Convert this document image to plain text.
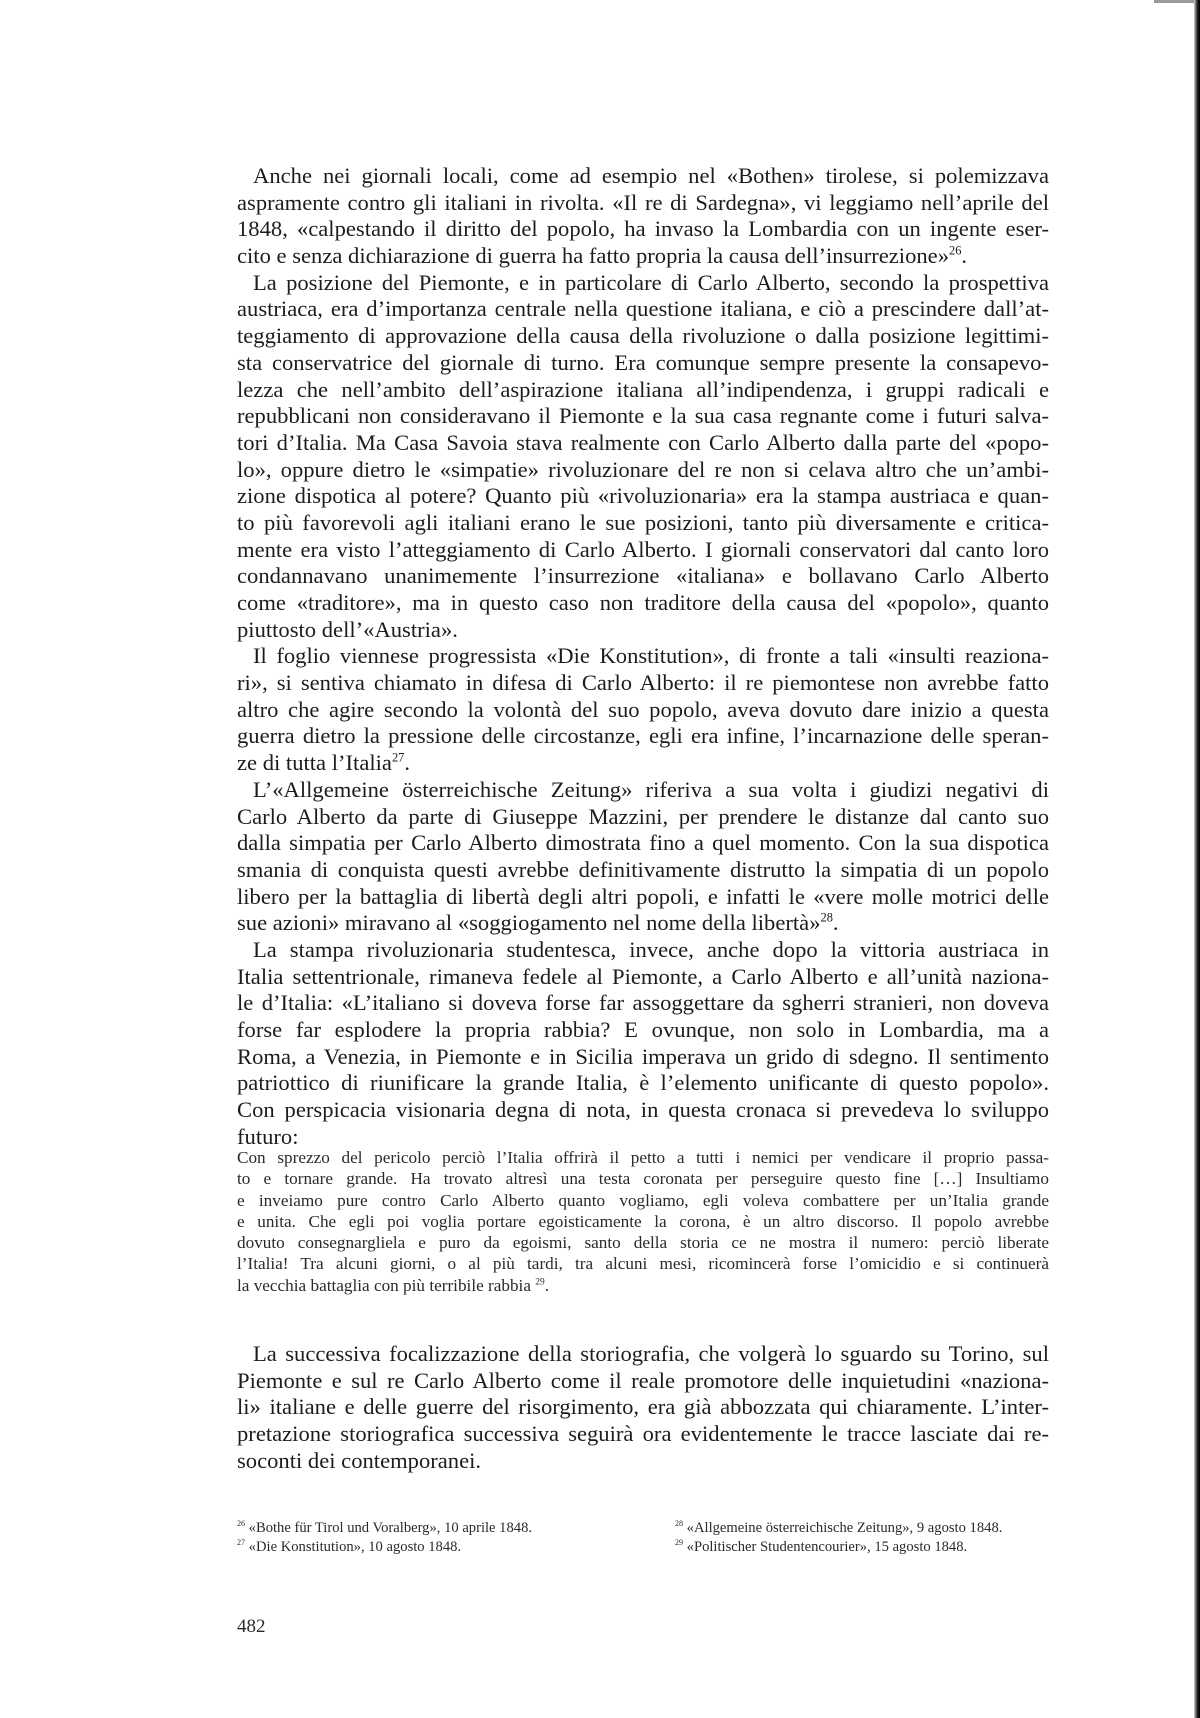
Anche nei giornali locali, come ad esempio nel «Bothen» tirolese, si polemizzava
aspramente contro gli italiani in rivolta. «Il re di Sardegna», vi leggiamo nell’aprile del
1848, «calpestando il diritto del popolo, ha invaso la Lombardia con un ingente eser-
cito e senza dichiarazione di guerra ha fatto propria la causa dell’insurrezione»$^{26}$.
La posizione del Piemonte, e in particolare di Carlo Alberto, secondo la prospettiva
austriaca, era d’importanza centrale nella questione italiana, e ciò a prescindere dall’at-
teggiamento di approvazione della causa della rivoluzione o dalla posizione legittimi-
sta conservatrice del giornale di turno. Era comunque sempre presente la consapevo-
lezza che nell’ambito dell’aspirazione italiana all’indipendenza, i gruppi radicali e
repubblicani non consideravano il Piemonte e la sua casa regnante come i futuri salva-
tori d’Italia. Ma Casa Savoia stava realmente con Carlo Alberto dalla parte del «popo-
lo», oppure dietro le «simpatie» rivoluzionare del re non si celava altro che un’ambi-
zione dispotica al potere? Quanto più «rivoluzionaria» era la stampa austriaca e quan-
to più favorevoli agli italiani erano le sue posizioni, tanto più diversamente e critica-
mente era visto l’atteggiamento di Carlo Alberto. I giornali conservatori dal canto loro
condannavano unanimemente l’insurrezione «italiana» e bollavano Carlo Alberto
come «traditore», ma in questo caso non traditore della causa del «popolo», quanto
piuttosto dell’«Austria».
Il foglio viennese progressista «Die Konstitution», di fronte a tali «insulti reaziona-
ri», si sentiva chiamato in difesa di Carlo Alberto: il re piemontese non avrebbe fatto
altro che agire secondo la volontà del suo popolo, aveva dovuto dare inizio a questa
guerra dietro la pressione delle circostanze, egli era infine, l’incarnazione delle speran-
ze di tutta l’Italia$^{27}$.
L’«Allgemeine österreichische Zeitung» riferiva a sua volta i giudizi negativi di
Carlo Alberto da parte di Giuseppe Mazzini, per prendere le distanze dal canto suo
dalla simpatia per Carlo Alberto dimostrata fino a quel momento. Con la sua dispotica
smania di conquista questi avrebbe definitivamente distrutto la simpatia di un popolo
libero per la battaglia di libertà degli altri popoli, e infatti le «vere molle motrici delle
sue azioni» miravano al «soggiogamento nel nome della libertà»$^{28}$.
La stampa rivoluzionaria studentesca, invece, anche dopo la vittoria austriaca in
Italia settentrionale, rimaneva fedele al Piemonte, a Carlo Alberto e all’unità naziona-
le d’Italia: «L’italiano si doveva forse far assoggettare da sgherri stranieri, non doveva
forse far esplodere la propria rabbia? E ovunque, non solo in Lombardia, ma a
Roma, a Venezia, in Piemonte e in Sicilia imperava un grido di sdegno. Il sentimento
patriottico di riunificare la grande Italia, è l’elemento unificante di questo popolo».
Con perspicacia visionaria degna di nota, in questa cronaca si prevedeva lo sviluppo
futuro:
Con sprezzo del pericolo perciò l’Italia offrirà il petto a tutti i nemici per vendicare il proprio passa-
to e tornare grande. Ha trovato altresì una testa coronata per perseguire questo fine […] Insultiamo
e inveiamo pure contro Carlo Alberto quanto vogliamo, egli voleva combattere per un’Italia grande
e unita. Che egli poi voglia portare egoisticamente la corona, è un altro discorso. Il popolo avrebbe
dovuto consegnargliela e puro da egoismi, santo della storia ce ne mostra il numero: perciò liberate
l’Italia! Tra alcuni giorni, o al più tardi, tra alcuni mesi, ricomincerà forse l’omicidio e si continuerà
la vecchia battaglia con più terribile rabbia $^{29}$.
La successiva focalizzazione della storiografia, che volgerà lo sguardo su Torino, sul
Piemonte e sul re Carlo Alberto come il reale promotore delle inquietudini «naziona-
li» italiane e delle guerre del risorgimento, era già abbozzata qui chiaramente. L’inter-
pretazione storiografica successiva seguirà ora evidentemente le tracce lasciate dai re-
soconti dei contemporanei.
$^{26}$ «Bothe für Tirol und Voralberg», 10 aprile 1848.
$^{27}$ «Die Konstitution», 10 agosto 1848.
$^{28}$ «Allgemeine österreichische Zeitung», 9 agosto 1848.
$^{29}$ «Politischer Studentencourier», 15 agosto 1848.
482
